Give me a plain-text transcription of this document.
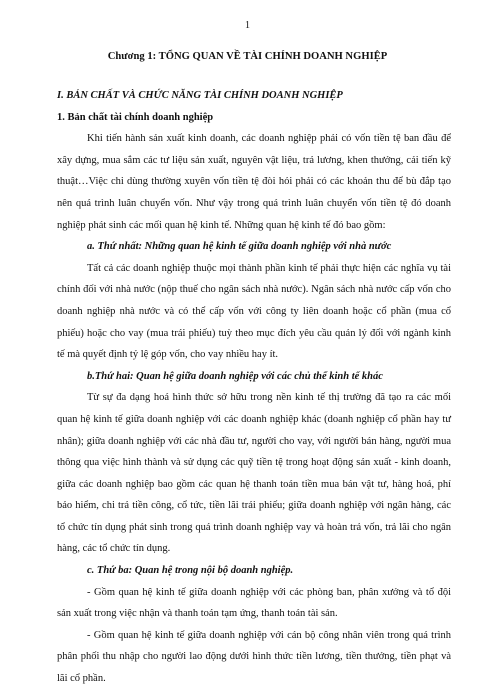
1
Chương 1: TỔNG QUAN VỀ TÀI CHÍNH DOANH NGHIỆP

I. BẢN CHẤT VÀ CHỨC NĂNG TÀI CHÍNH DOANH NGHIỆP

1. Bản chất tài chính doanh nghiệp

Khi tiến hành sản xuất kinh doanh, các doanh nghiệp phải có vốn tiền tệ ban đầu để xây dựng, mua sắm các tư liệu sản xuất, nguyên vật liệu, trả lương, khen thưởng, cải tiến kỹ thuật…Việc chi dùng thường xuyên vốn tiền tệ đòi hỏi phải có các khoản thu để bù đắp tạo nên quá trình luân chuyển vốn. Như vậy trong quá trình luân chuyển vốn tiền tệ đó doanh nghiệp phát sinh các mối quan hệ kinh tế. Những quan hệ kinh tế đó bao gồm:

a. Thứ nhất: Những quan hệ kinh tế giữa doanh nghiệp với nhà nước

Tất cả các doanh nghiệp thuộc mọi thành phần kinh tế phải thực hiện các nghĩa vụ tài chính đối với nhà nước (nộp thuế cho ngân sách nhà nước). Ngân sách nhà nước cấp vốn cho doanh nghiệp nhà nước và có thể cấp vốn với công ty liên doanh hoặc cổ phần (mua cổ phiếu) hoặc cho vay (mua trái phiếu) tuỳ theo mục đích yêu cầu quản lý đối với ngành kinh tế mà quyết định tỷ lệ góp vốn, cho vay nhiều hay ít.

b.Thứ hai: Quan hệ giữa doanh nghiệp với các chủ thể kinh tế khác

Từ sự đa dạng hoá hình thức sở hữu trong nền kinh tế thị trường đã tạo ra các mối quan hệ kinh tế giữa doanh nghiệp với các doanh nghiệp khác (doanh nghiệp cổ phần hay tư nhân); giữa doanh nghiệp với các nhà đầu tư, người cho vay, với người bán hàng, người mua thông qua việc hình thành và sử dụng các quỹ tiền tệ trong hoạt động sản xuất - kinh doanh, giữa các doanh nghiệp bao gồm các quan hệ thanh toán tiền mua bán vật tư, hàng hoá, phí bảo hiểm, chi trả tiền công, cổ tức, tiền lãi trái phiếu; giữa doanh nghiệp với ngân hàng, các tổ chức tín dụng phát sinh trong quá trình doanh nghiệp vay và hoàn trả vốn, trả lãi cho ngân hàng, các tổ chức tín dụng.

c. Thứ ba: Quan hệ trong nội bộ doanh nghiệp.

- Gồm quan hệ kinh tế giữa doanh nghiệp với các phòng ban, phân xưởng và tổ đội sản xuất trong việc nhận và thanh toán tạm ứng, thanh toán tài sản.

- Gồm quan hệ kinh tế giữa doanh nghiệp với cán bộ công nhân viên trong quá trình phân phối thu nhập cho người lao động dưới hình thức tiền lương, tiền thưởng, tiền phạt và lãi cổ phần.
